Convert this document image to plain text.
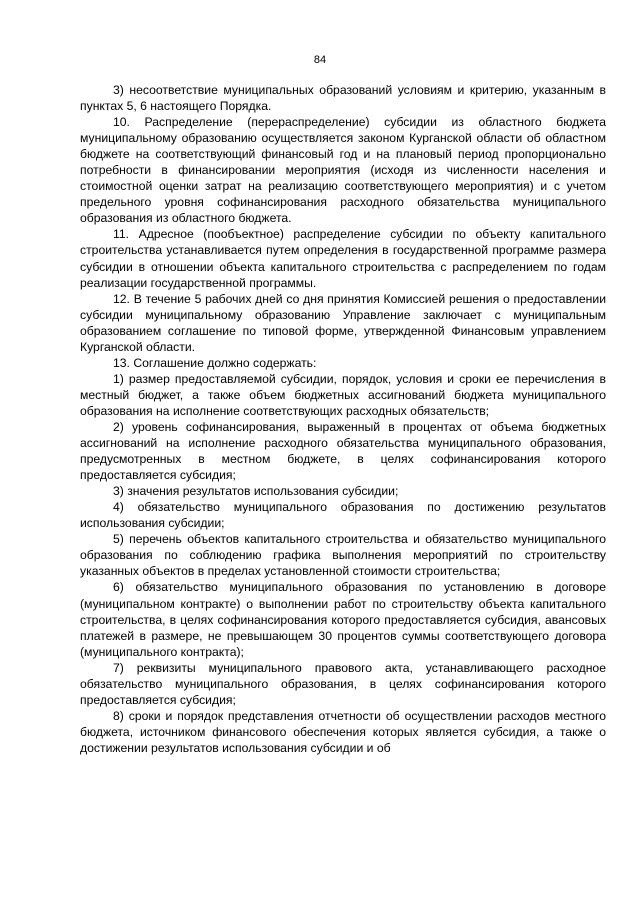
84

3) несоответствие муниципальных образований условиям и критерию, указанным в пунктах 5, 6 настоящего Порядка.

10. Распределение (перераспределение) субсидии из областного бюджета муниципальному образованию осуществляется законом Курганской области об областном бюджете на соответствующий финансовый год и на плановый период пропорционально потребности в финансировании мероприятия (исходя из численности населения и стоимостной оценки затрат на реализацию соответствующего мероприятия) и с учетом предельного уровня софинансирования расходного обязательства муниципального образования из областного бюджета.

11. Адресное (пообъектное) распределение субсидии по объекту капитального строительства устанавливается путем определения в государственной программе размера субсидии в отношении объекта капитального строительства с распределением по годам реализации государственной программы.

12. В течение 5 рабочих дней со дня принятия Комиссией решения о предоставлении субсидии муниципальному образованию Управление заключает с муниципальным образованием соглашение по типовой форме, утвержденной Финансовым управлением Курганской области.

13. Соглашение должно содержать:

1) размер предоставляемой субсидии, порядок, условия и сроки ее перечисления в местный бюджет, а также объем бюджетных ассигнований бюджета муниципального образования на исполнение соответствующих расходных обязательств;

2) уровень софинансирования, выраженный в процентах от объема бюджетных ассигнований на исполнение расходного обязательства муниципального образования, предусмотренных в местном бюджете, в целях софинансирования которого предоставляется субсидия;

3) значения результатов использования субсидии;

4) обязательство муниципального образования по достижению результатов использования субсидии;

5) перечень объектов капитального строительства и обязательство муниципального образования по соблюдению графика выполнения мероприятий по строительству указанных объектов в пределах установленной стоимости строительства;

6) обязательство муниципального образования по установлению в договоре (муниципальном контракте) о выполнении работ по строительству объекта капитального строительства, в целях софинансирования которого предоставляется субсидия, авансовых платежей в размере, не превышающем 30 процентов суммы соответствующего договора (муниципального контракта);

7) реквизиты муниципального правового акта, устанавливающего расходное обязательство муниципального образования, в целях софинансирования которого предоставляется субсидия;

8) сроки и порядок представления отчетности об осуществлении расходов местного бюджета, источником финансового обеспечения которых является субсидия, а также о достижении результатов использования субсидии и об
